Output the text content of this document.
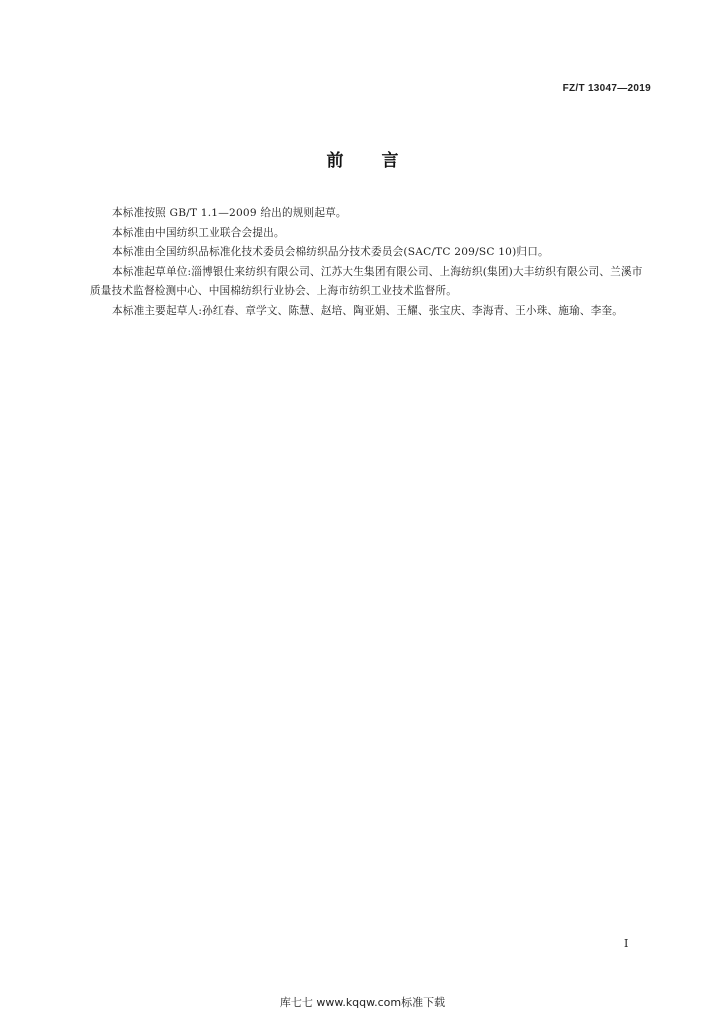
FZ/T 13047—2019
前言

本标准按照 GB/T 1.1—2009 给出的规则起草。

本标准由中国纺织工业联合会提出。

本标准由全国纺织品标准化技术委员会棉纺织品分技术委员会(SAC/TC 209/SC 10)归口。

本标准起草单位:淄博银仕来纺织有限公司、江苏大生集团有限公司、上海纺织(集团)大丰纺织有限公司、兰溪市质量技术监督检测中心、中国棉纺织行业协会、上海市纺织工业技术监督所。

本标准主要起草人:孙红春、章学文、陈慧、赵培、陶亚娟、王耀、张宝庆、李海青、王小珠、施瑜、李奎。

I
库七七 www.kqqw.com标准下载
